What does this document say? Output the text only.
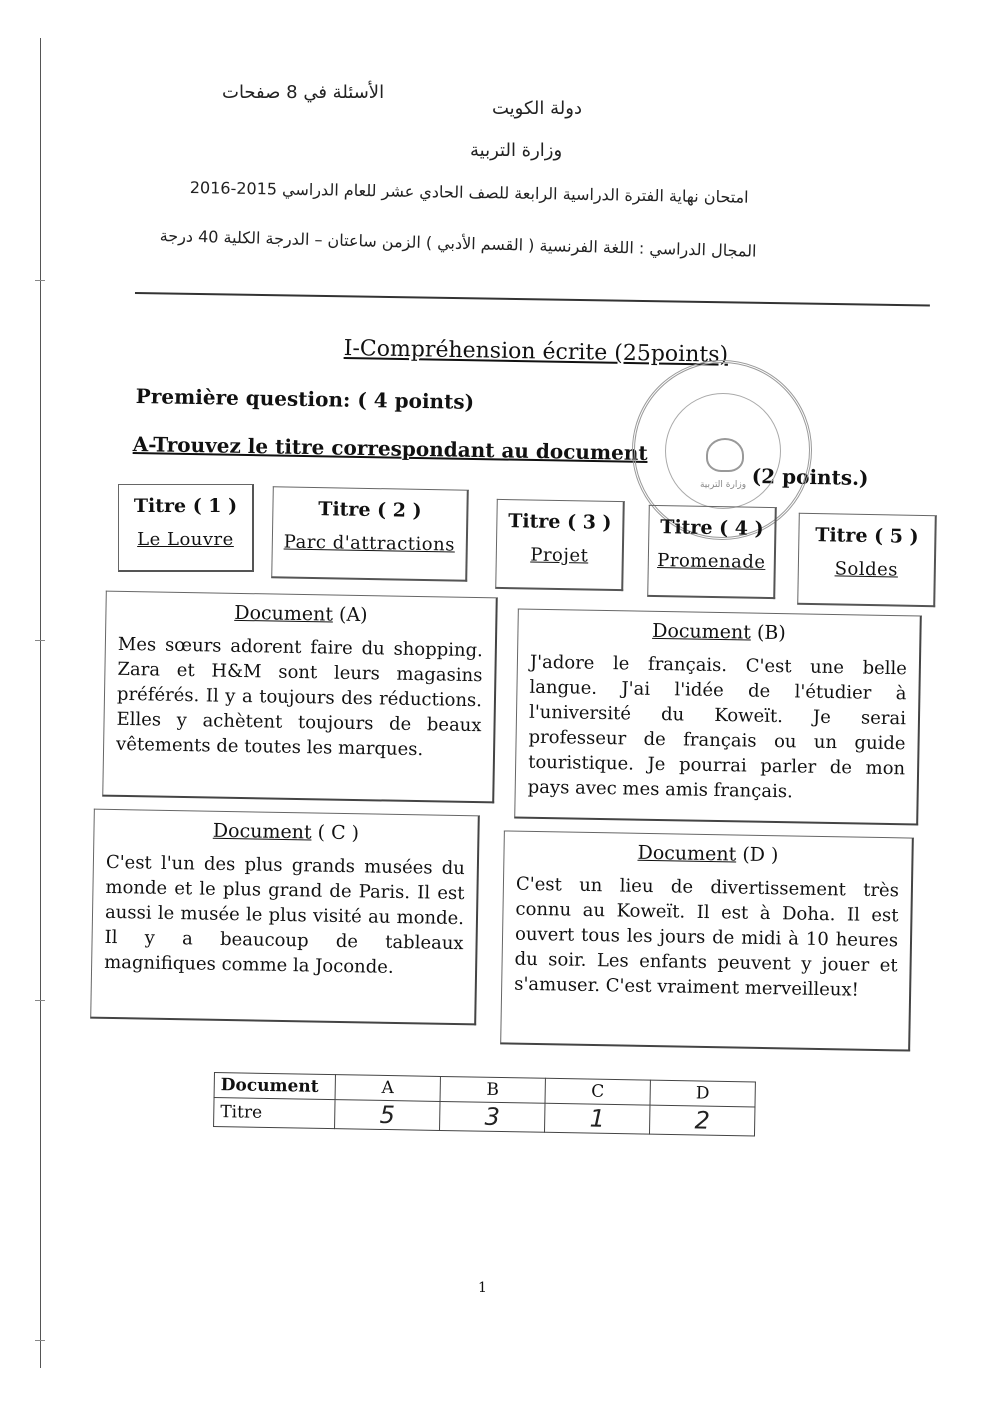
الأسئلة في 8 صفحات
دولة الكويت
وزارة التربية
امتحان نهاية الفترة الدراسية الرابعة للصف الحادي عشر للعام الدراسي 2015-2016
المجال الدراسي : اللغة الفرنسية ( القسم الأدبي ) الزمن ساعتان – الدرجة الكلية 40 درجة
I-Compréhension écrite (25points)
Première question: ( 4 points)
A-Trouvez le titre correspondant au document
(2 points.)
وزارة التربية
Titre ( 1 )
Le Louvre
Titre ( 2 )
Parc d'attractions
Titre ( 3 )
Projet
Titre ( 4 )
Promenade
Titre ( 5 )
Soldes
Document (A)
Mes sœurs adorent faire du shopping. Zara et H&M sont leurs magasins préférés. Il y a toujours des réductions. Elles y achètent toujours de beaux vêtements de toutes les marques.
Document (B)
J'adore le français. C'est une belle langue. J'ai l'idée de l'étudier à l'université du Koweït. Je serai professeur de français ou un guide touristique. Je pourrai parler de mon pays avec mes amis français.
Document ( C )
C'est l'un des plus grands musées du monde et le plus grand de Paris. Il est aussi le musée le plus visité au monde. Il y a beaucoup de tableaux magnifiques comme la Joconde.
Document (D )
C'est un lieu de divertissement très connu au Koweït. Il est à Doha. Il est ouvert tous les jours de midi à 10 heures du soir. Les enfants peuvent y jouer et s'amuser. C'est vraiment merveilleux!
Document	A	B	C	D
Titre	5	3	1	2
1
